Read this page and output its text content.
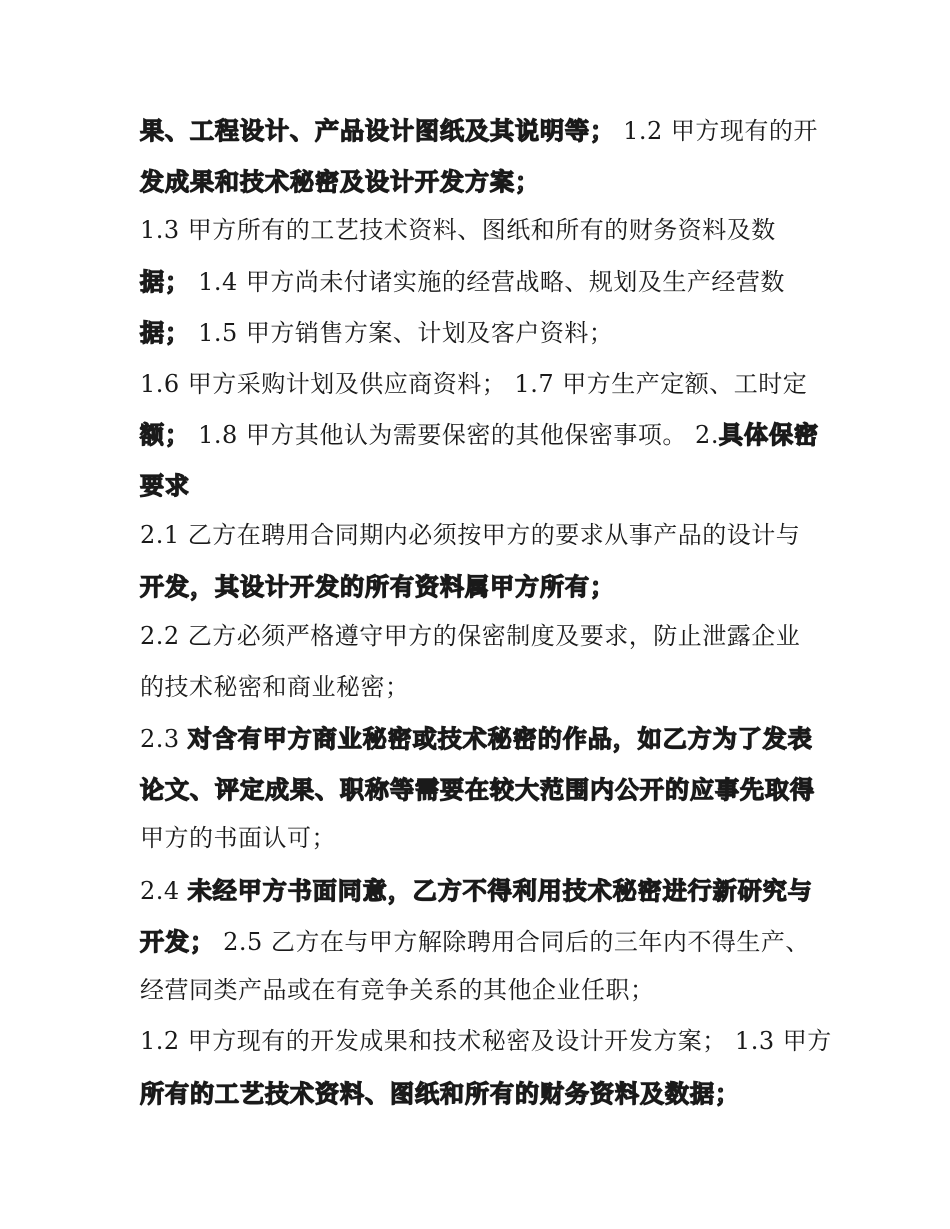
果、工程设计、产品设计图纸及其说明等； 1.2 甲方现有的开
发成果和技术秘密及设计开发方案；
1.3 甲方所有的工艺技术资料、图纸和所有的财务资料及数
据； 1.4 甲方尚未付诸实施的经营战略、规划及生产经营数
据； 1.5 甲方销售方案、计划及客户资料；
1.6 甲方采购计划及供应商资料； 1.7 甲方生产定额、工时定
额； 1.8 甲方其他认为需要保密的其他保密事项。 2.具体保密
要求
2.1 乙方在聘用合同期内必须按甲方的要求从事产品的设计与
开发，其设计开发的所有资料属甲方所有；
2.2 乙方必须严格遵守甲方的保密制度及要求，防止泄露企业
的技术秘密和商业秘密；
2.3 对含有甲方商业秘密或技术秘密的作品，如乙方为了发表
论文、评定成果、职称等需要在较大范围内公开的应事先取得
甲方的书面认可；
2.4 未经甲方书面同意，乙方不得利用技术秘密进行新研究与
开发； 2.5 乙方在与甲方解除聘用合同后的三年内不得生产、
经营同类产品或在有竞争关系的其他企业任职；
1.2 甲方现有的开发成果和技术秘密及设计开发方案； 1.3 甲方
所有的工艺技术资料、图纸和所有的财务资料及数据；
